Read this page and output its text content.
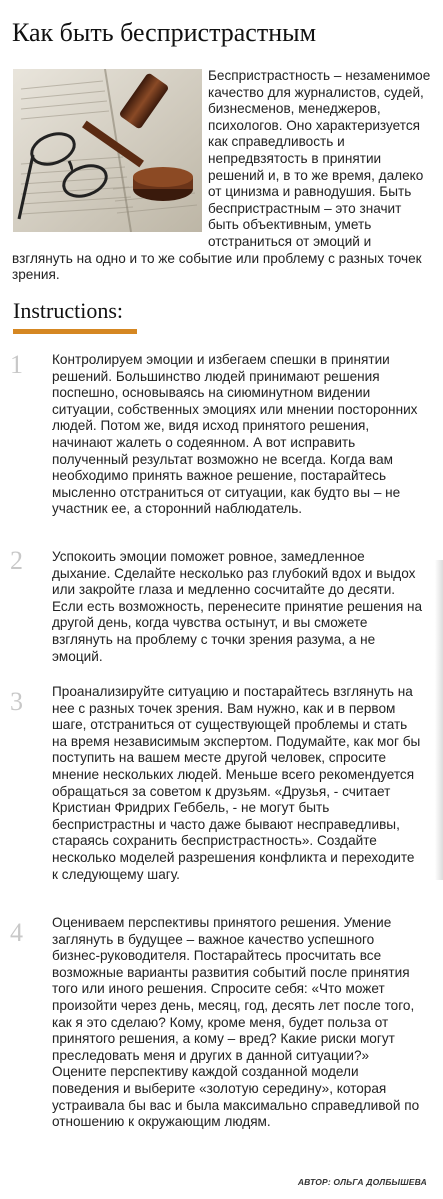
Как быть беспристрастным

Беспристрастность – незаменимое качество для журналистов, судей, бизнесменов, менеджеров, психологов. Оно характеризуется как справедливость и непредвзятость в принятии решений и, в то же время, далеко от цинизма и равнодушия. Быть беспристрастным – это значит быть объективным, уметь отстраниться от эмоций и взглянуть на одно и то же событие или проблему с разных точек зрения.

Instructions:
1 Контролируем эмоции и избегаем спешки в принятии решений. Большинство людей принимают решения поспешно, основываясь на сиюминутном видении ситуации, собственных эмоциях или мнении посторонних людей. Потом же, видя исход принятого решения, начинают жалеть о содеянном. А вот исправить полученный результат возможно не всегда. Когда вам необходимо принять важное решение, постарайтесь мысленно отстраниться от ситуации, как будто вы – не участник ее, а сторонний наблюдатель.

2 Успокоить эмоции поможет ровное, замедленное дыхание. Сделайте несколько раз глубокий вдох и выдох или закройте глаза и медленно сосчитайте до десяти. Если есть возможность, перенесите принятие решения на другой день, когда чувства остынут, и вы сможете взглянуть на проблему с точки зрения разума, а не эмоций.

3 Проанализируйте ситуацию и постарайтесь взглянуть на нее с разных точек зрения. Вам нужно, как и в первом шаге, отстраниться от существующей проблемы и стать на время независимым экспертом. Подумайте, как мог бы поступить на вашем месте другой человек, спросите мнение нескольких людей. Меньше всего рекомендуется обращаться за советом к друзьям. «Друзья, - считает Кристиан Фридрих Геббель, - не могут быть беспристрастны и часто даже бывают несправедливы, стараясь сохранить беспристрастность». Создайте несколько моделей разрешения конфликта и переходите к следующему шагу.

4 Оцениваем перспективы принятого решения. Умение заглянуть в будущее – важное качество успешного бизнес-руководителя. Постарайтесь просчитать все возможные варианты развития событий после принятия того или иного решения. Спросите себя: «Что может произойти через день, месяц, год, десять лет после того, как я это сделаю? Кому, кроме меня, будет польза от принятого решения, а кому – вред? Какие риски могут преследовать меня и других в данной ситуации?» Оцените перспективу каждой созданной модели поведения и выберите «золотую середину», которая устраивала бы вас и была максимально справедливой по отношению к окружающим людям.

АВТОР: ОЛЬГА ДОЛБЫШЕВА
